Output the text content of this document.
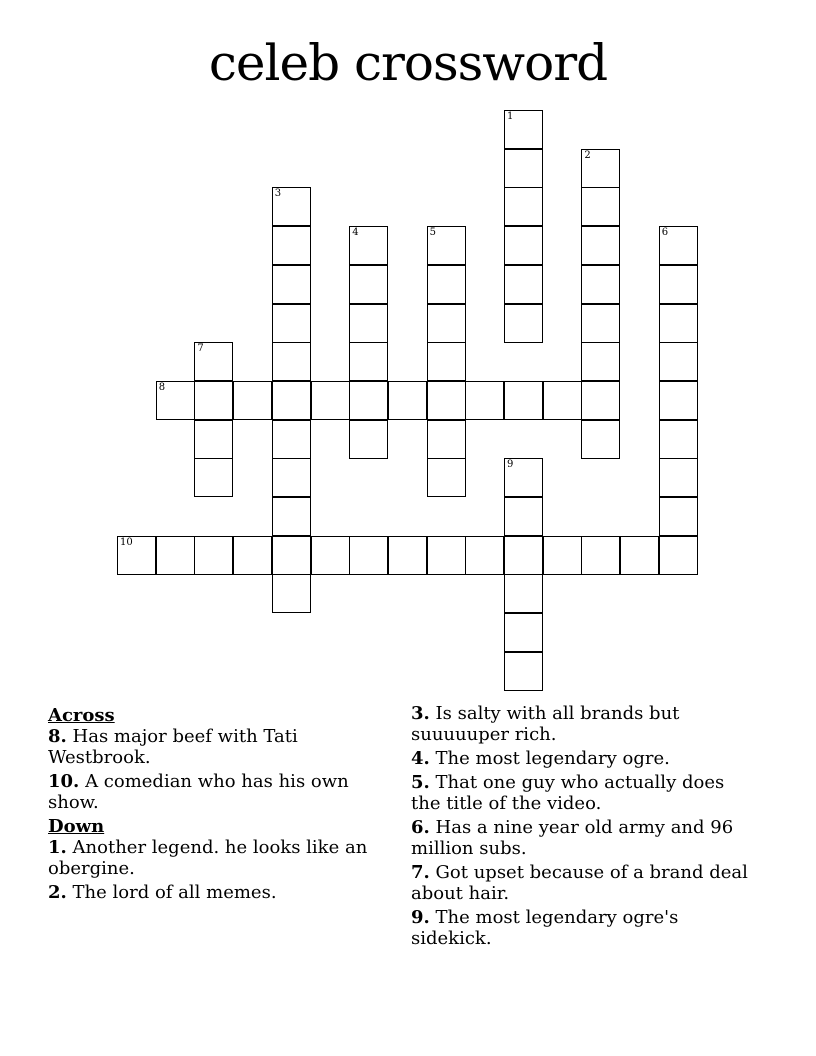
celeb crossword
1
2
3
4	5	6
7
8
9
10
Across
8. Has major beef with Tati Westbrook.
10. A comedian who has his own show.
Down
1. Another legend. he looks like an obergine.
2. The lord of all memes.
3. Is salty with all brands but suuuuuper rich.
4. The most legendary ogre.
5. That one guy who actually does the title of the video.
6. Has a nine year old army and 96 million subs.
7. Got upset because of a brand deal about hair.
9. The most legendary ogre's sidekick.
